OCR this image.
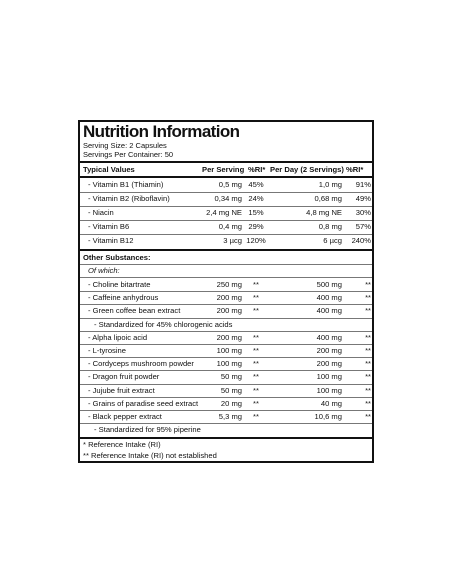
Nutrition Information
Serving Size: 2 Capsules
Servings Per Container: 50
Typical Values	Per Serving %RI* Per Day (2 Servings) %RI*
- Vitamin B1 (Thiamin)	0,5 mg 45%	1,0 mg	91%
- Vitamin B2 (Riboflavin)	0,34 mg 24%	0,68 mg	49%
- Niacin	2,4 mg NE 15%	4,8 mg NE	30%
- Vitamin B6	0,4 mg 29%	0,8 mg	57%
- Vitamin B12	3 µcg 120%	6 µcg	240%
Other Substances:
Of which:
- Choline bitartrate	250 mg	**	500 mg	**
- Caffeine anhydrous	200 mg	**	400 mg	**
- Green coffee bean extract	200 mg	**	400 mg	**
- Standardized for 45% chlorogenic acids
- Alpha lipoic acid	200 mg	**	400 mg	**
- L-tyrosine	100 mg	**	200 mg	**
- Cordyceps mushroom powder	100 mg	**	200 mg	**
- Dragon fruit powder	50 mg	**	100 mg	**
- Jujube fruit extract	50 mg	**	100 mg	**
- Grains of paradise seed extract	20 mg	**	40 mg	**
- Black pepper extract	5,3 mg	**	10,6 mg	**
- Standardized for 95% piperine
* Reference Intake (RI)
** Reference Intake (RI) not established
